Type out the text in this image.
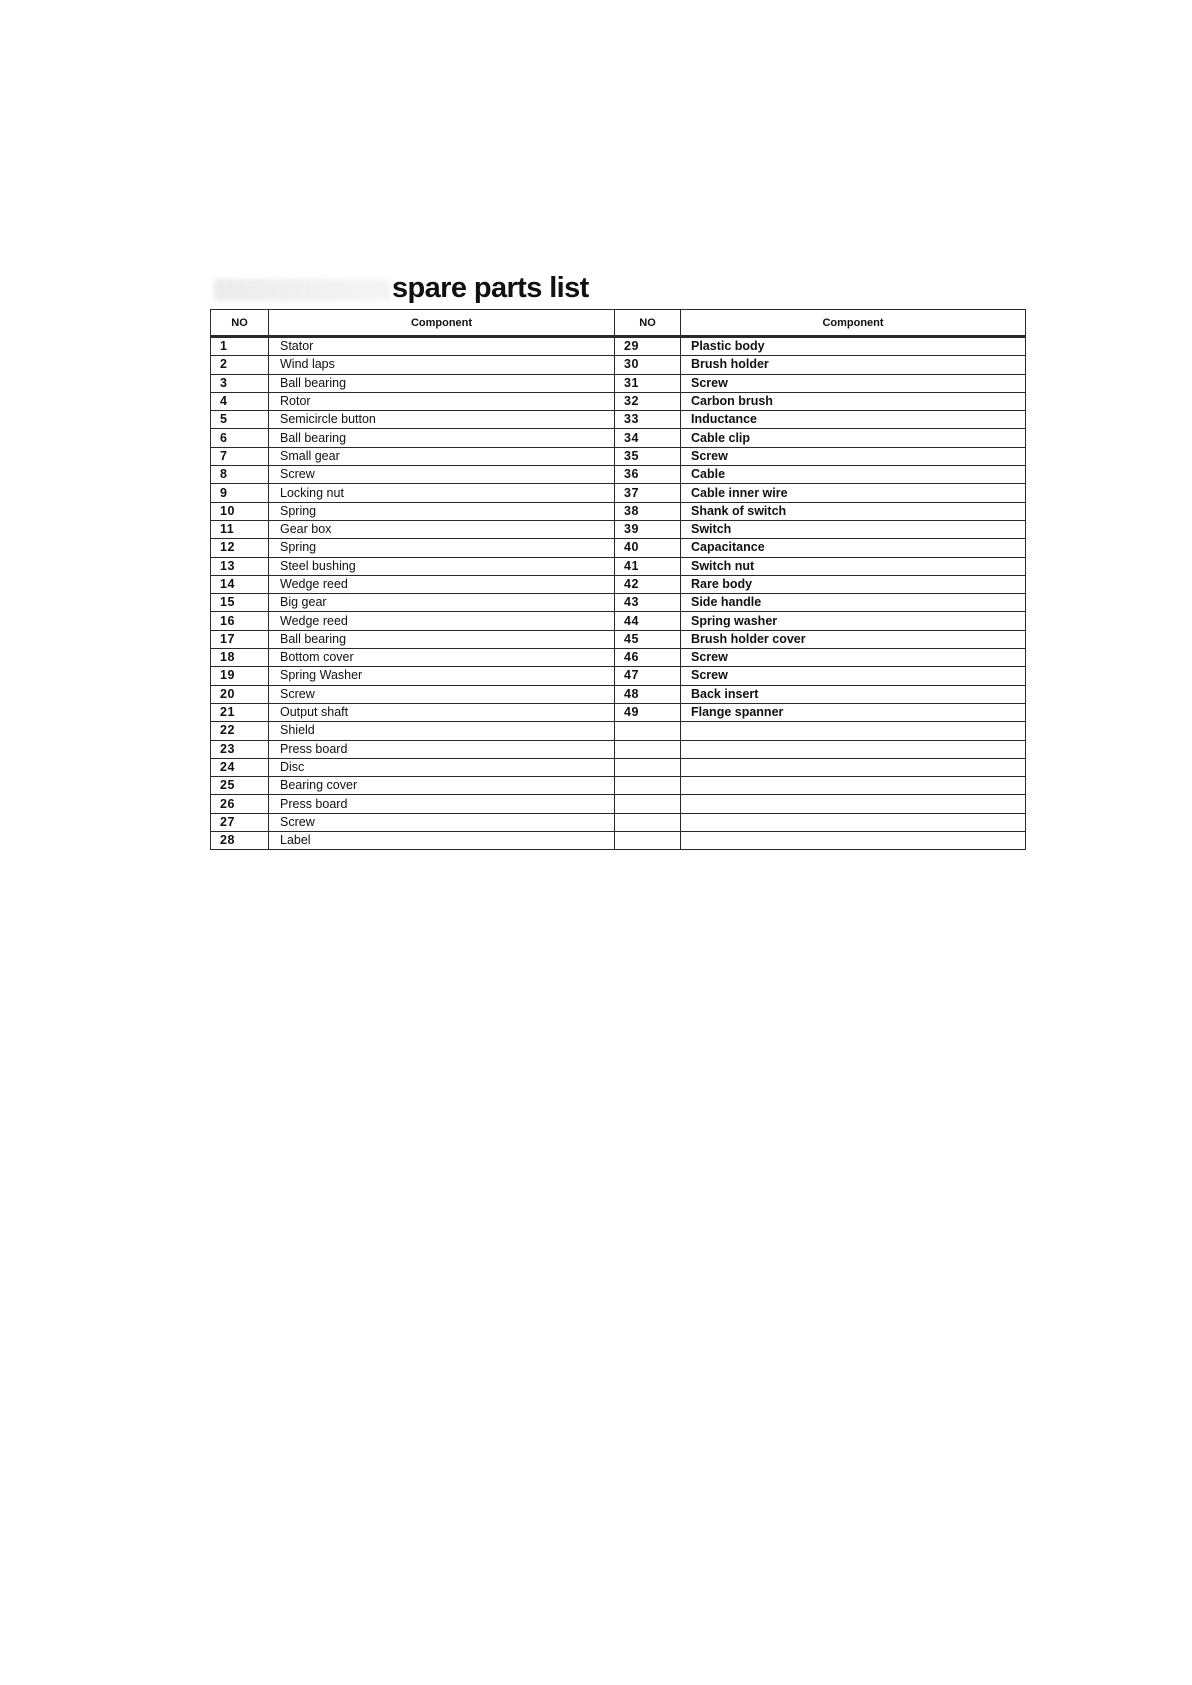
spare parts list
NO	Component	NO	Component
1	Stator	29	Plastic body
2	Wind laps	30	Brush holder
3	Ball bearing	31	Screw
4	Rotor	32	Carbon brush
5	Semicircle button	33	Inductance
6	Ball bearing	34	Cable clip
7	Small gear	35	Screw
8	Screw	36	Cable
9	Locking nut	37	Cable inner wire
10	Spring	38	Shank of switch
11	Gear box	39	Switch
12	Spring	40	Capacitance
13	Steel bushing	41	Switch nut
14	Wedge reed	42	Rare body
15	Big gear	43	Side handle
16	Wedge reed	44	Spring washer
17	Ball bearing	45	Brush holder cover
18	Bottom cover	46	Screw
19	Spring Washer	47	Screw
20	Screw	48	Back insert
21	Output shaft	49	Flange spanner
22	Shield		
23	Press board		
24	Disc		
25	Bearing cover		
26	Press board		
27	Screw		
28	Label		
